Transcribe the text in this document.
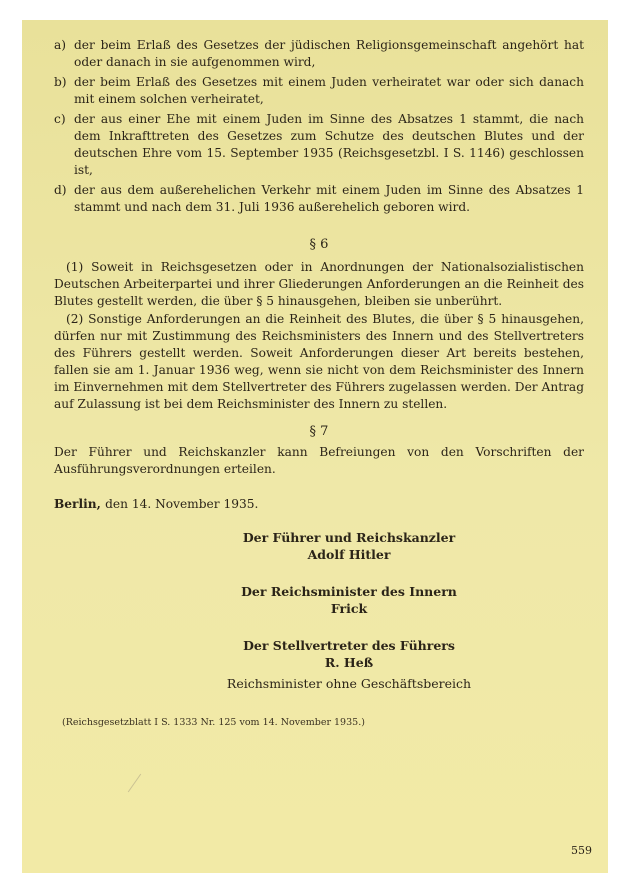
a) der beim Erlaß des Gesetzes der jüdischen Religionsgemeinschaft angehört hat oder danach in sie aufgenommen wird,
b) der beim Erlaß des Gesetzes mit einem Juden verheiratet war oder sich danach mit einem solchen verheiratet,
c) der aus einer Ehe mit einem Juden im Sinne des Absatzes 1 stammt, die nach dem Inkrafttreten des Gesetzes zum Schutze des deutschen Blutes und der deutschen Ehre vom 15. September 1935 (Reichsgesetzbl. I S. 1146) geschlossen ist,
d) der aus dem außerehelichen Verkehr mit einem Juden im Sinne des Absatzes 1 stammt und nach dem 31. Juli 1936 außerehelich geboren wird.
§ 6

(1) Soweit in Reichsgesetzen oder in Anordnungen der Nationalsozialistischen Deutschen Arbeiterpartei und ihrer Gliederungen Anforderungen an die Reinheit des Blutes gestellt werden, die über § 5 hinausgehen, bleiben sie unberührt.

(2) Sonstige Anforderungen an die Reinheit des Blutes, die über § 5 hinausgehen, dürfen nur mit Zustimmung des Reichsministers des Innern und des Stellvertreters des Führers gestellt werden. Soweit Anforderungen dieser Art bereits bestehen, fallen sie am 1. Januar 1936 weg, wenn sie nicht von dem Reichsminister des Innern im Einvernehmen mit dem Stellvertreter des Führers zugelassen werden. Der Antrag auf Zulassung ist bei dem Reichsminister des Innern zu stellen.

§ 7

Der Führer und Reichskanzler kann Befreiungen von den Vorschriften der Ausführungsverordnungen erteilen.

Berlin, den 14. November 1935.
Der Führer und Reichskanzler
Adolf Hitler
Der Reichsminister des Innern
Frick
Der Stellvertreter des Führers
R. Heß
Reichsminister ohne Geschäftsbereich
(Reichsgesetzblatt I S. 1333 Nr. 125 vom 14. November 1935.)
559
